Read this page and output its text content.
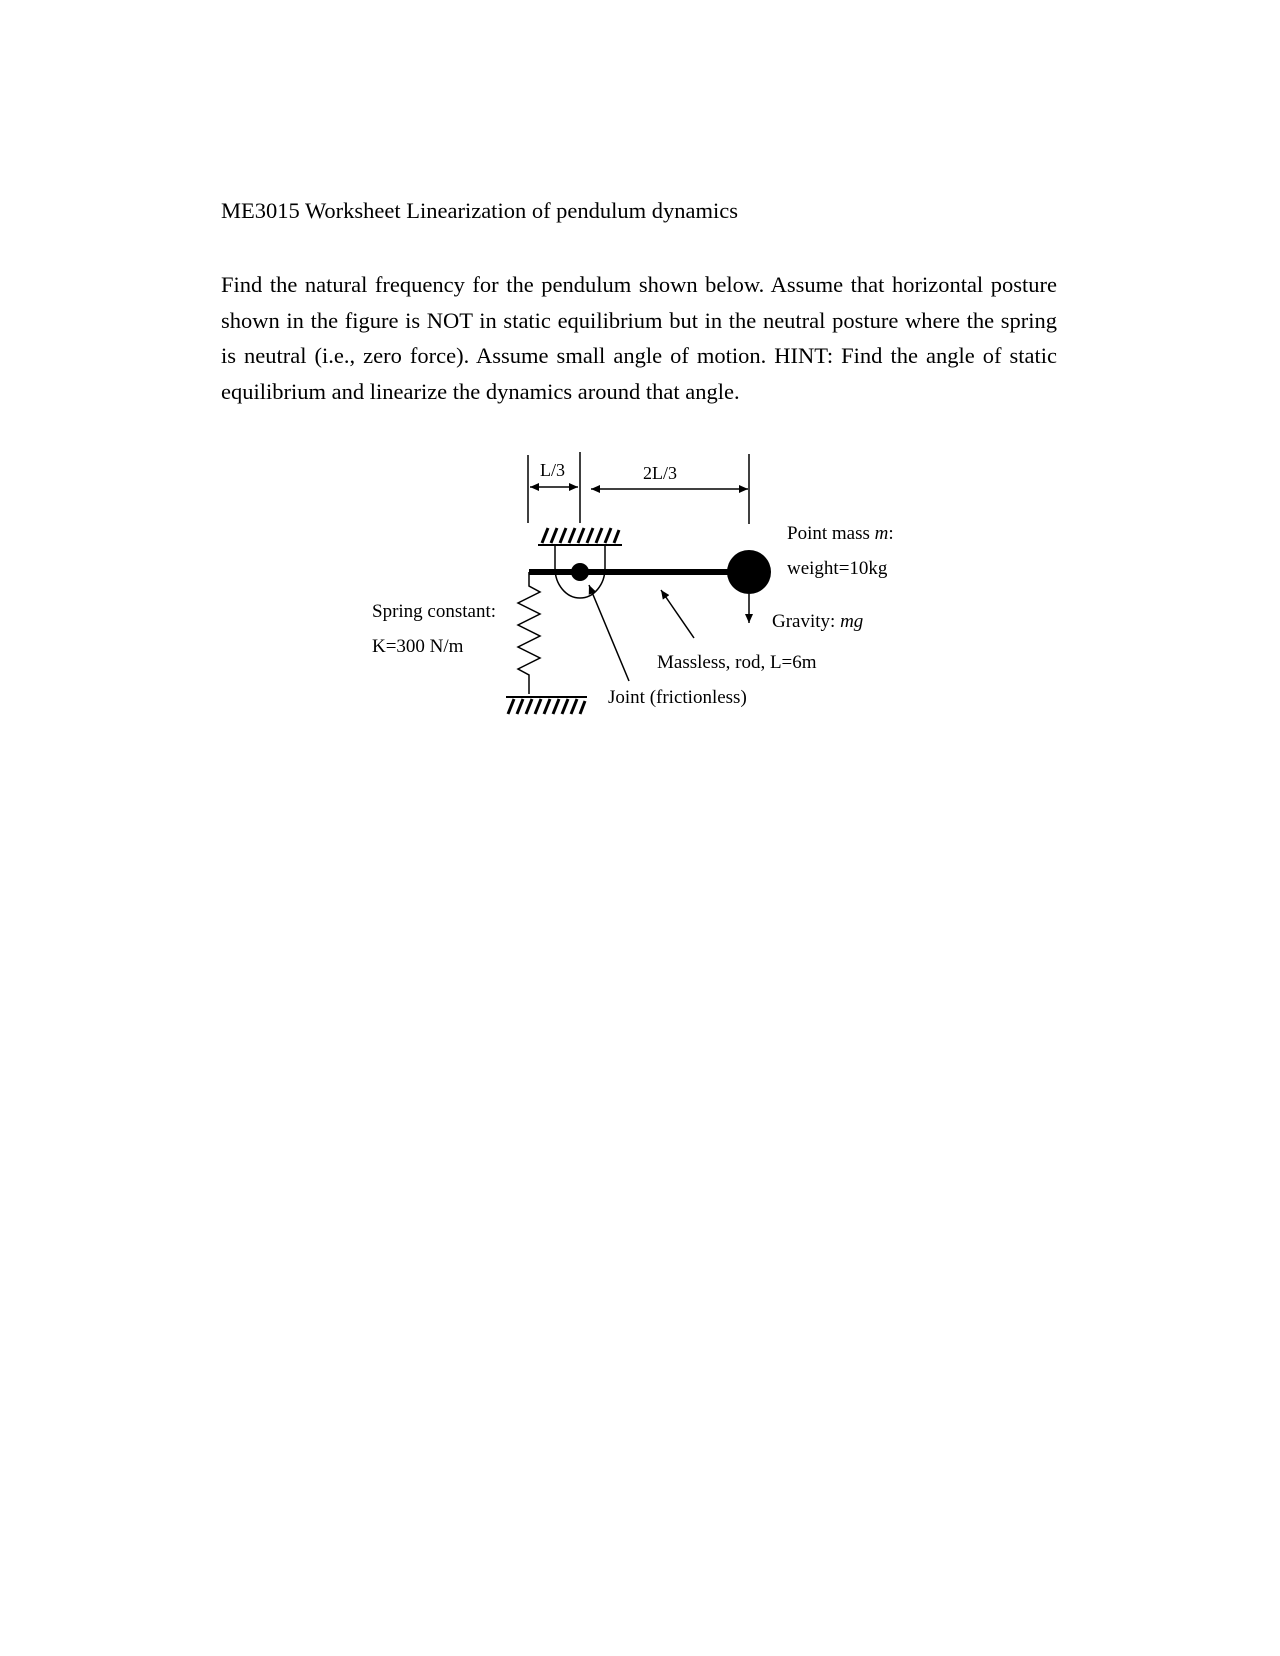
ME3015 Worksheet Linearization of pendulum dynamics

Find the natural frequency for the pendulum shown below. Assume that horizontal posture shown in the figure is NOT in static equilibrium but in the neutral posture where the spring is neutral (i.e., zero force). Assume small angle of motion. HINT: Find the angle of static equilibrium and linearize the dynamics around that angle.

L/3	2L/3
Point mass m:
weight=10kg
Gravity: mg
Spring constant:
K=300 N/m
Massless, rod, L=6m
Joint (frictionless)
